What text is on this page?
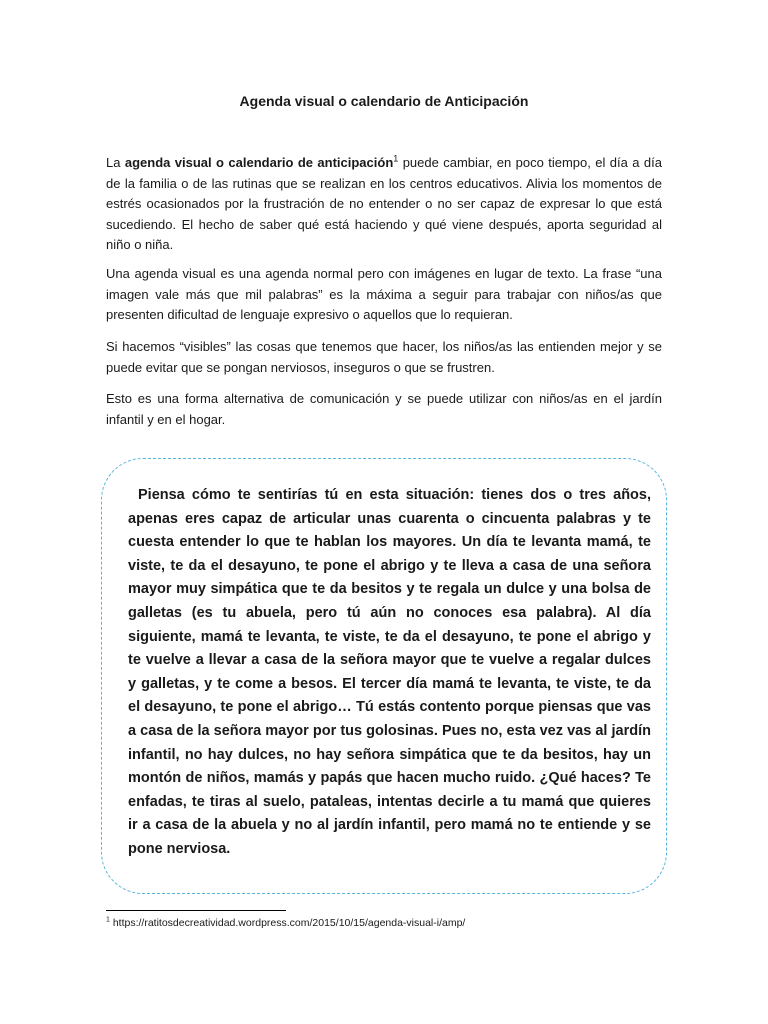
Agenda visual o calendario de Anticipación

La agenda visual o calendario de anticipación$^1$ puede cambiar, en poco tiempo, el día a día de la familia o de las rutinas que se realizan en los centros educativos. Alivia los momentos de estrés ocasionados por la frustración de no entender o no ser capaz de expresar lo que está sucediendo. El hecho de saber qué está haciendo y qué viene después, aporta seguridad al niño o niña.

Una agenda visual es una agenda normal pero con imágenes en lugar de texto. La frase “una imagen vale más que mil palabras” es la máxima a seguir para trabajar con niños/as que presenten dificultad de lenguaje expresivo o aquellos que lo requieran.

Si hacemos “visibles” las cosas que tenemos que hacer, los niños/as las entienden mejor y se puede evitar que se pongan nerviosos, inseguros o que se frustren.

Esto es una forma alternativa de comunicación y se puede utilizar con niños/as en el jardín infantil y en el hogar.

Piensa cómo te sentirías tú en esta situación: tienes dos o tres años, apenas eres capaz de articular unas cuarenta o cincuenta palabras y te cuesta entender lo que te hablan los mayores. Un día te levanta mamá, te viste, te da el desayuno, te pone el abrigo y te lleva a casa de una señora mayor muy simpática que te da besitos y te regala un dulce y una bolsa de galletas (es tu abuela, pero tú aún no conoces esa palabra). Al día siguiente, mamá te levanta, te viste, te da el desayuno, te pone el abrigo y te vuelve a llevar a casa de la señora mayor que te vuelve a regalar dulces y galletas, y te come a besos. El tercer día mamá te levanta, te viste, te da el desayuno, te pone el abrigo… Tú estás contento porque piensas que vas a casa de la señora mayor por tus golosinas. Pues no, esta vez vas al jardín infantil, no hay dulces, no hay señora simpática que te da besitos, hay un montón de niños, mamás y papás que hacen mucho ruido. ¿Qué haces? Te enfadas, te tiras al suelo, pataleas, intentas decirle a tu mamá que quieres ir a casa de la abuela y no al jardín infantil, pero mamá no te entiende y se pone nerviosa.

$^1$ https://ratitosdecreatividad.wordpress.com/2015/10/15/agenda-visual-i/amp/
